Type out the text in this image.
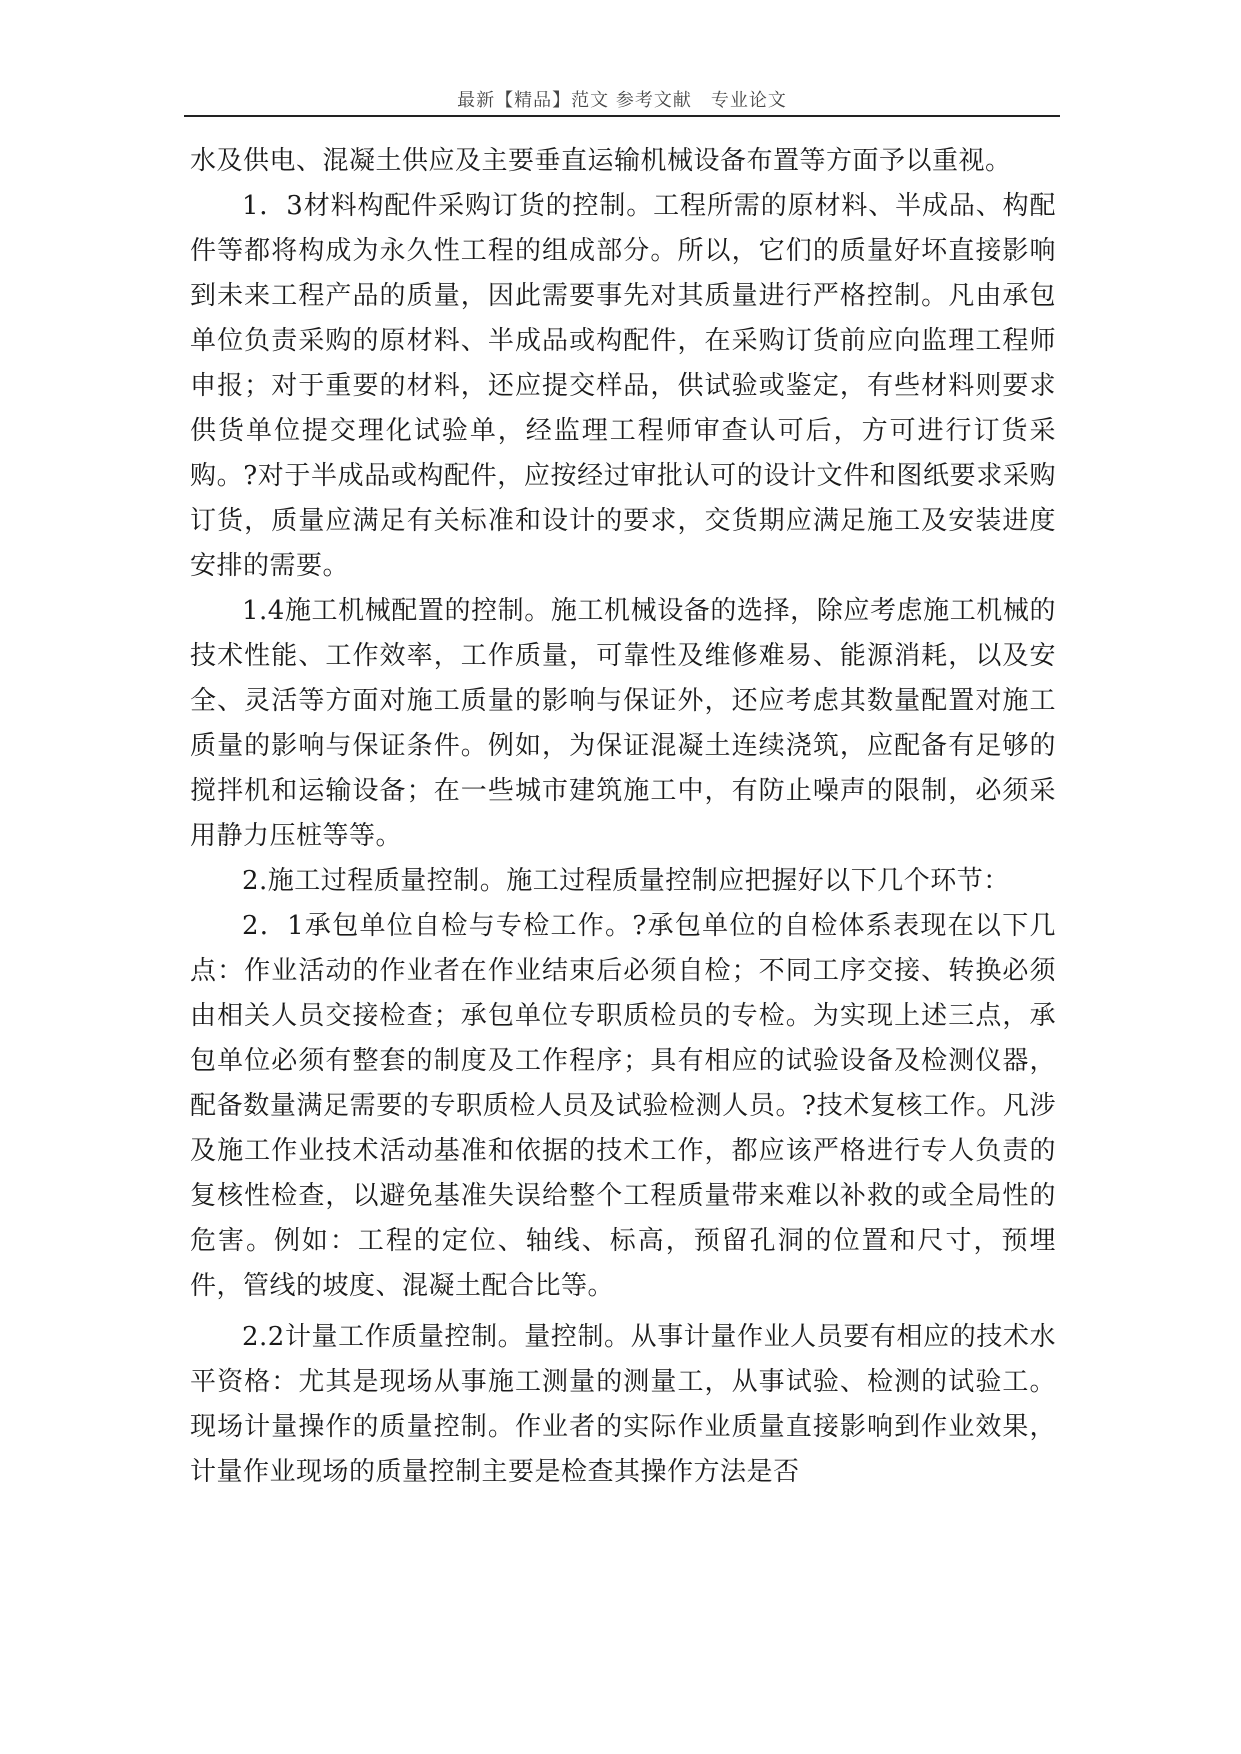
最新【精品】范文 参考文献　专业论文

水及供电、混凝土供应及主要垂直运输机械设备布置等方面予以重视。

1．3材料构配件采购订货的控制。工程所需的原材料、半成品、构配件等都将构成为永久性工程的组成部分。所以，它们的质量好坏直接影响到未来工程产品的质量，因此需要事先对其质量进行严格控制。凡由承包单位负责采购的原材料、半成品或构配件，在采购订货前应向监理工程师申报；对于重要的材料，还应提交样品，供试验或鉴定，有些材料则要求供货单位提交理化试验单，经监理工程师审查认可后，方可进行订货采购。?对于半成品或构配件，应按经过审批认可的设计文件和图纸要求采购订货，质量应满足有关标准和设计的要求，交货期应满足施工及安装进度安排的需要。

1.4施工机械配置的控制。施工机械设备的选择，除应考虑施工机械的技术性能、工作效率，工作质量，可靠性及维修难易、能源消耗，以及安全、灵活等方面对施工质量的影响与保证外，还应考虑其数量配置对施工质量的影响与保证条件。例如，为保证混凝土连续浇筑，应配备有足够的搅拌机和运输设备；在一些城市建筑施工中，有防止噪声的限制，必须采用静力压桩等等。

2.施工过程质量控制。施工过程质量控制应把握好以下几个环节：

2．1承包单位自检与专检工作。?承包单位的自检体系表现在以下几点：作业活动的作业者在作业结束后必须自检；不同工序交接、转换必须由相关人员交接检查；承包单位专职质检员的专检。为实现上述三点，承包单位必须有整套的制度及工作程序；具有相应的试验设备及检测仪器，配备数量满足需要的专职质检人员及试验检测人员。?技术复核工作。凡涉及施工作业技术活动基准和依据的技术工作，都应该严格进行专人负责的复核性检查，以避免基准失误给整个工程质量带来难以补救的或全局性的危害。例如：工程的定位、轴线、标高，预留孔洞的位置和尺寸，预埋件，管线的坡度、混凝土配合比等。

2.2计量工作质量控制。量控制。从事计量作业人员要有相应的技术水平资格：尤其是现场从事施工测量的测量工，从事试验、检测的试验工。现场计量操作的质量控制。作业者的实际作业质量直接影响到作业效果，计量作业现场的质量控制主要是检查其操作方法是否
